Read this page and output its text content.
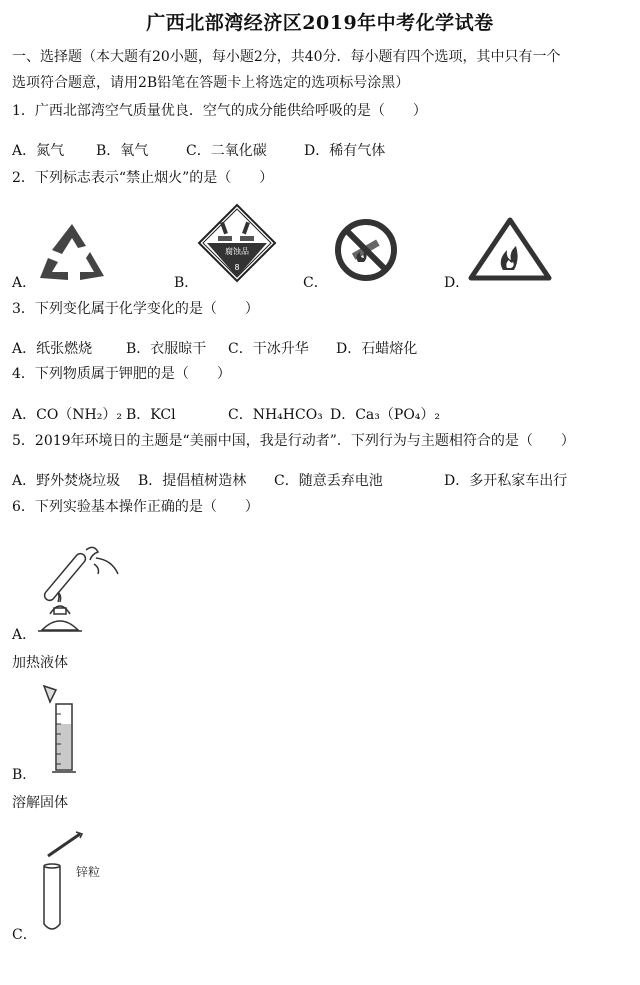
广西北部湾经济区2019年中考化学试卷
一、选择题（本大题有20小题，每小题2分，共40分．每小题有四个选项，其中只有一个
选项符合题意，请用2B铅笔在答题卡上将选定的选项标号涂黑）
1．广西北部湾空气质量优良．空气的成分能供给呼吸的是（　　）
A．氮气 B．氧气	C．二氧化碳	D．稀有气体
2．下列标志表示“禁止烟火”的是（　　）
A．
腐蚀品
8
B．	C．	D．
3．下列变化属于化学变化的是（　　）
A．纸张燃烧 B．衣服晾干 C．干冰升华 D．石蜡熔化
4．下列物质属于钾肥的是（　　）
A．CO（NH₂）₂ B．KCl	C．NH₄HCO₃ D．Ca₃（PO₄）₂
5．2019年环境日的主题是“美丽中国，我是行动者”．下列行为与主题相符合的是（　　）
A．野外焚烧垃圾 B．提倡植树造林 C．随意丢弃电池	D．多开私家车出行
6．下列实验基本操作正确的是（　　）
A．
加热液体
B．
溶解固体
锌粒
C．
